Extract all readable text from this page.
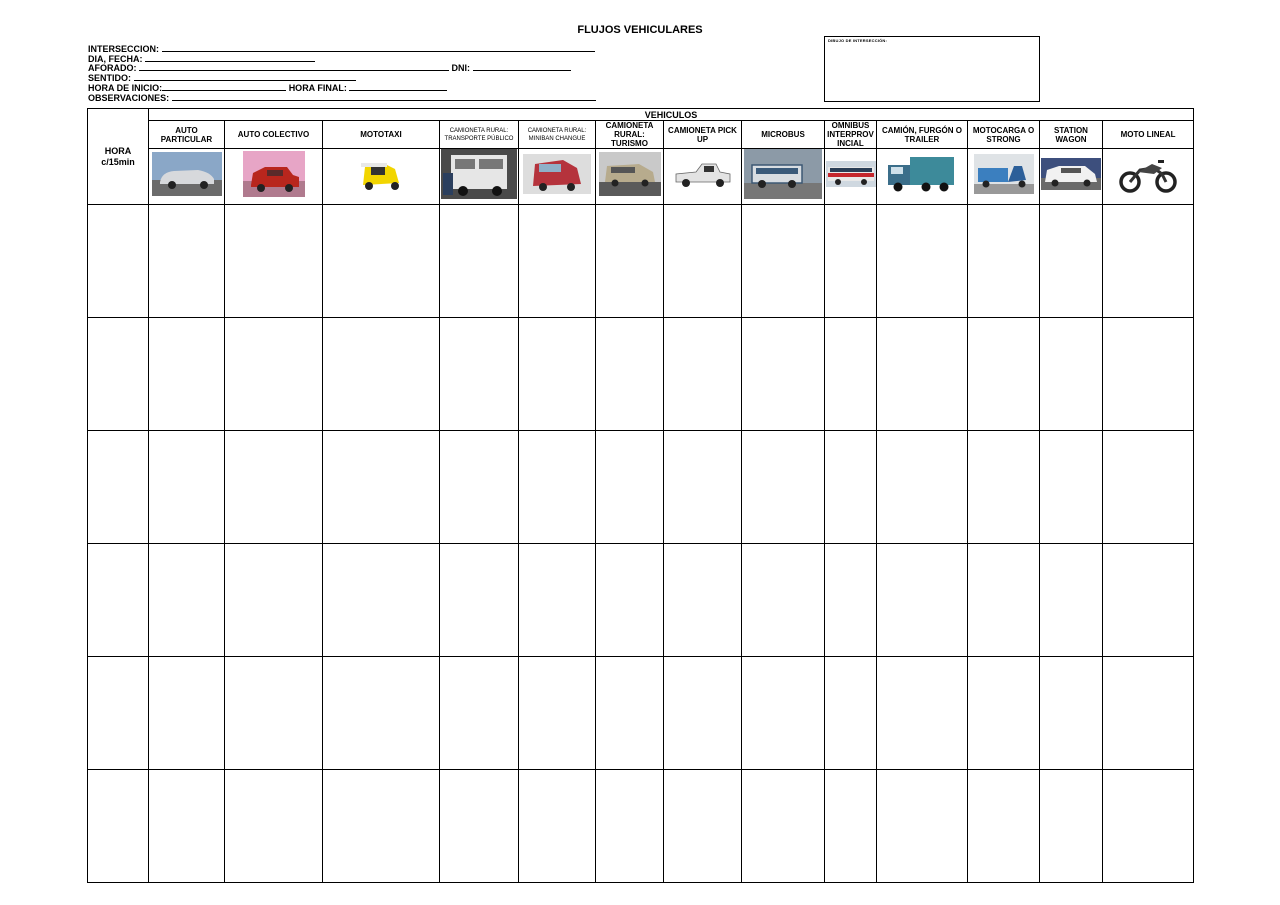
FLUJOS VEHICULARES
INTERSECCION:
DIA, FECHA:
AFORADO:	DNI:
SENTIDO:
HORA DE INICIO:	HORA FINAL:
OBSERVACIONES:
DIBUJO DE INTERSECCIÓN:
HORA
c/15min	VEHICULOS												
	AUTO PARTICULAR	AUTO COLECTIVO	MOTOTAXI	CAMIONETA RURAL: TRANSPORTE PÚBLICO	CAMIONETA RURAL: MINIBAN CHANGUE	CAMIONETA RURAL: TURISMO	CAMIONETA PICK UP	MICROBUS	OMNIBUS INTERPROV INCIAL	CAMIÓN, FURGÓN O TRAILER	MOTOCARGA O STRONG	STATION WAGON	MOTO LINEAL
